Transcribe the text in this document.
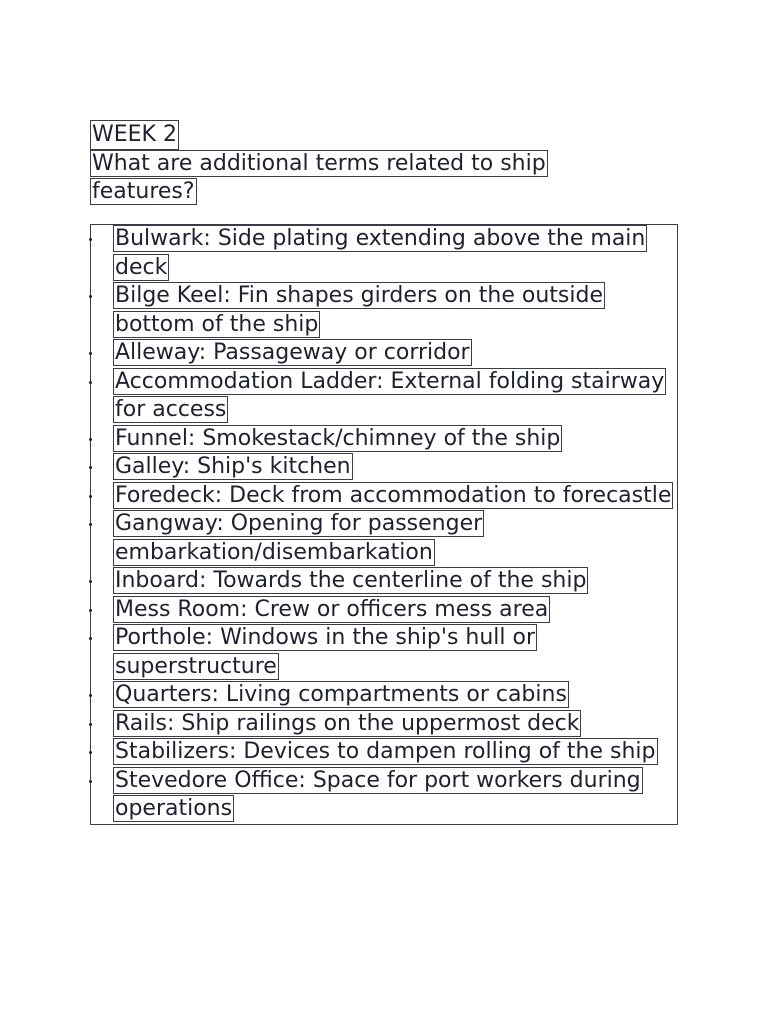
WEEK 2

What are additional terms related to ship features?

Bulwark: Side plating extending above the main deck
Bilge Keel: Fin shapes girders on the outside bottom of the ship
Alleway: Passageway or corridor
Accommodation Ladder: External folding stairway for access
Funnel: Smokestack/chimney of the ship
Galley: Ship's kitchen
Foredeck: Deck from accommodation to forecastle
Gangway: Opening for passenger embarkation/disembarkation
Inboard: Towards the centerline of the ship
Mess Room: Crew or officers mess area
Porthole: Windows in the ship's hull or superstructure
Quarters: Living compartments or cabins
Rails: Ship railings on the uppermost deck
Stabilizers: Devices to dampen rolling of the ship
Stevedore Office: Space for port workers during operations
